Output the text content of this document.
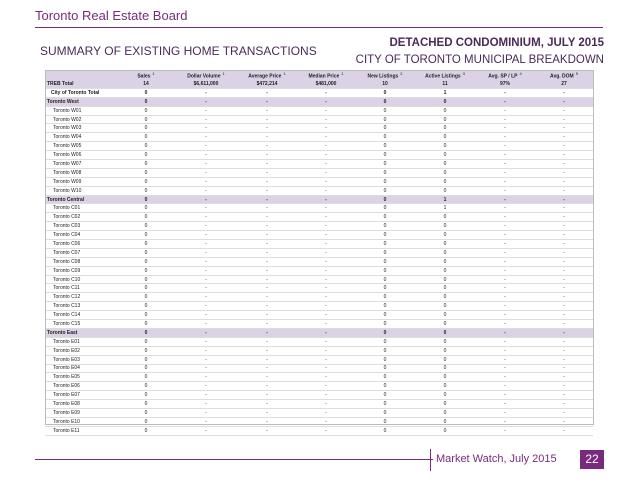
Toronto Real Estate Board
SUMMARY OF EXISTING HOME TRANSACTIONS
DETACHED CONDOMINIUM, JULY 2015
CITY OF TORONTO MUNICIPAL BREAKDOWN
	Sales$^1$	Dollar Volume$^1$	Average Price$^1$	Median Price$^1$	New Listings$^2$	Active Listings$^3$	Avg. SP / $LP^4$	Avg. DOM$^5$
TREB Total	14	$6,611,000	$472,214	$481,000	10	11	97%	27
City of Toronto Total	0	-	-	-	0	1	-	-
Toronto West	0	-	-	-	0	0	-	-
Toronto W01	0	-	-	-	0	0	-	-
Toronto W02	0	-	-	-	0	0	-	-
Toronto W03	0	-	-	-	0	0	-	-
Toronto W04	0	-	-	-	0	0	-	-
Toronto W05	0	-	-	-	0	0	-	-
Toronto W06	0	-	-	-	0	0	-	-
Toronto W07	0	-	-	-	0	0	-	-
Toronto W08	0	-	-	-	0	0	-	-
Toronto W09	0	-	-	-	0	0	-	-
Toronto W10	0	-	-	-	0	0	-	-
Toronto Central	0	-	-	-	0	1	-	-
Toronto C01	0	-	-	-	0	1	-	-
Toronto C02	0	-	-	-	0	0	-	-
Toronto C03	0	-	-	-	0	0	-	-
Toronto C04	0	-	-	-	0	0	-	-
Toronto C06	0	-	-	-	0	0	-	-
Toronto C07	0	-	-	-	0	0	-	-
Toronto C08	0	-	-	-	0	0	-	-
Toronto C09	0	-	-	-	0	0	-	-
Toronto C10	0	-	-	-	0	0	-	-
Toronto C11	0	-	-	-	0	0	-	-
Toronto C12	0	-	-	-	0	0	-	-
Toronto C13	0	-	-	-	0	0	-	-
Toronto C14	0	-	-	-	0	0	-	-
Toronto C15	0	-	-	-	0	0	-	-
Toronto East	0	-	-	-	0	0	-	-
Toronto E01	0	-	-	-	0	0	-	-
Toronto E02	0	-	-	-	0	0	-	-
Toronto E03	0	-	-	-	0	0	-	-
Toronto E04	0	-	-	-	0	0	-	-
Toronto E05	0	-	-	-	0	0	-	-
Toronto E06	0	-	-	-	0	0	-	-
Toronto E07	0	-	-	-	0	0	-	-
Toronto E08	0	-	-	-	0	0	-	-
Toronto E09	0	-	-	-	0	0	-	-
Toronto E10	0	-	-	-	0	0	-	-
Toronto E11	0	-	-	-	0	0	-	-
Market Watch, July 2015	22
